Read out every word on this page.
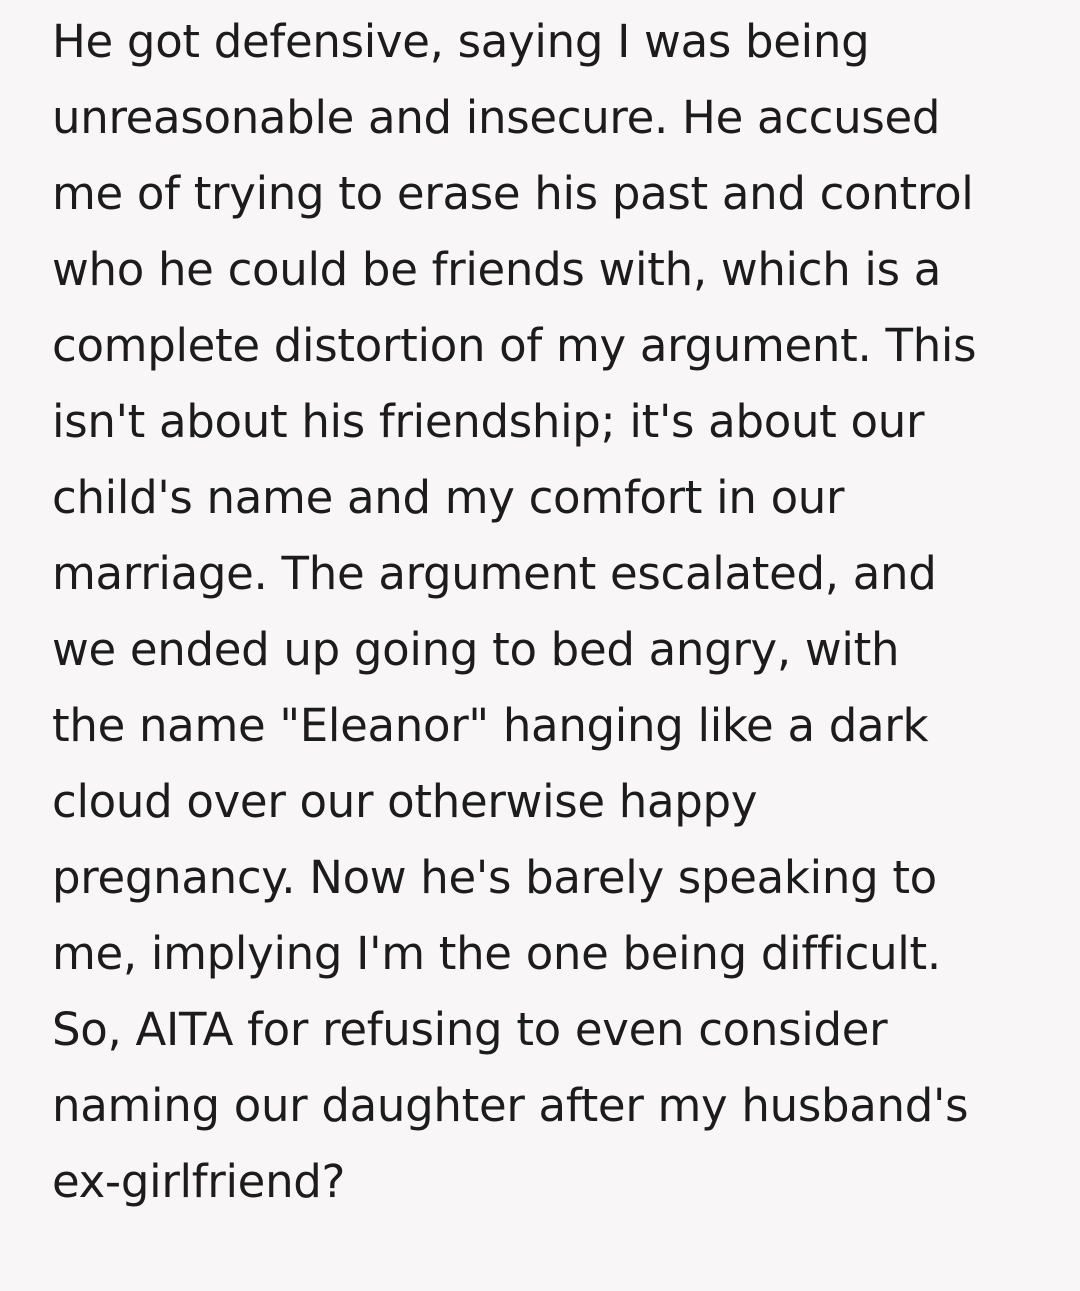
He got defensive, saying I was being
unreasonable and insecure. He accused
me of trying to erase his past and control
who he could be friends with, which is a
complete distortion of my argument. This
isn't about his friendship; it's about our
child's name and my comfort in our
marriage. The argument escalated, and
we ended up going to bed angry, with
the name "Eleanor" hanging like a dark
cloud over our otherwise happy
pregnancy. Now he's barely speaking to
me, implying I'm the one being difficult.
So, AITA for refusing to even consider
naming our daughter after my husband's
ex-girlfriend?
